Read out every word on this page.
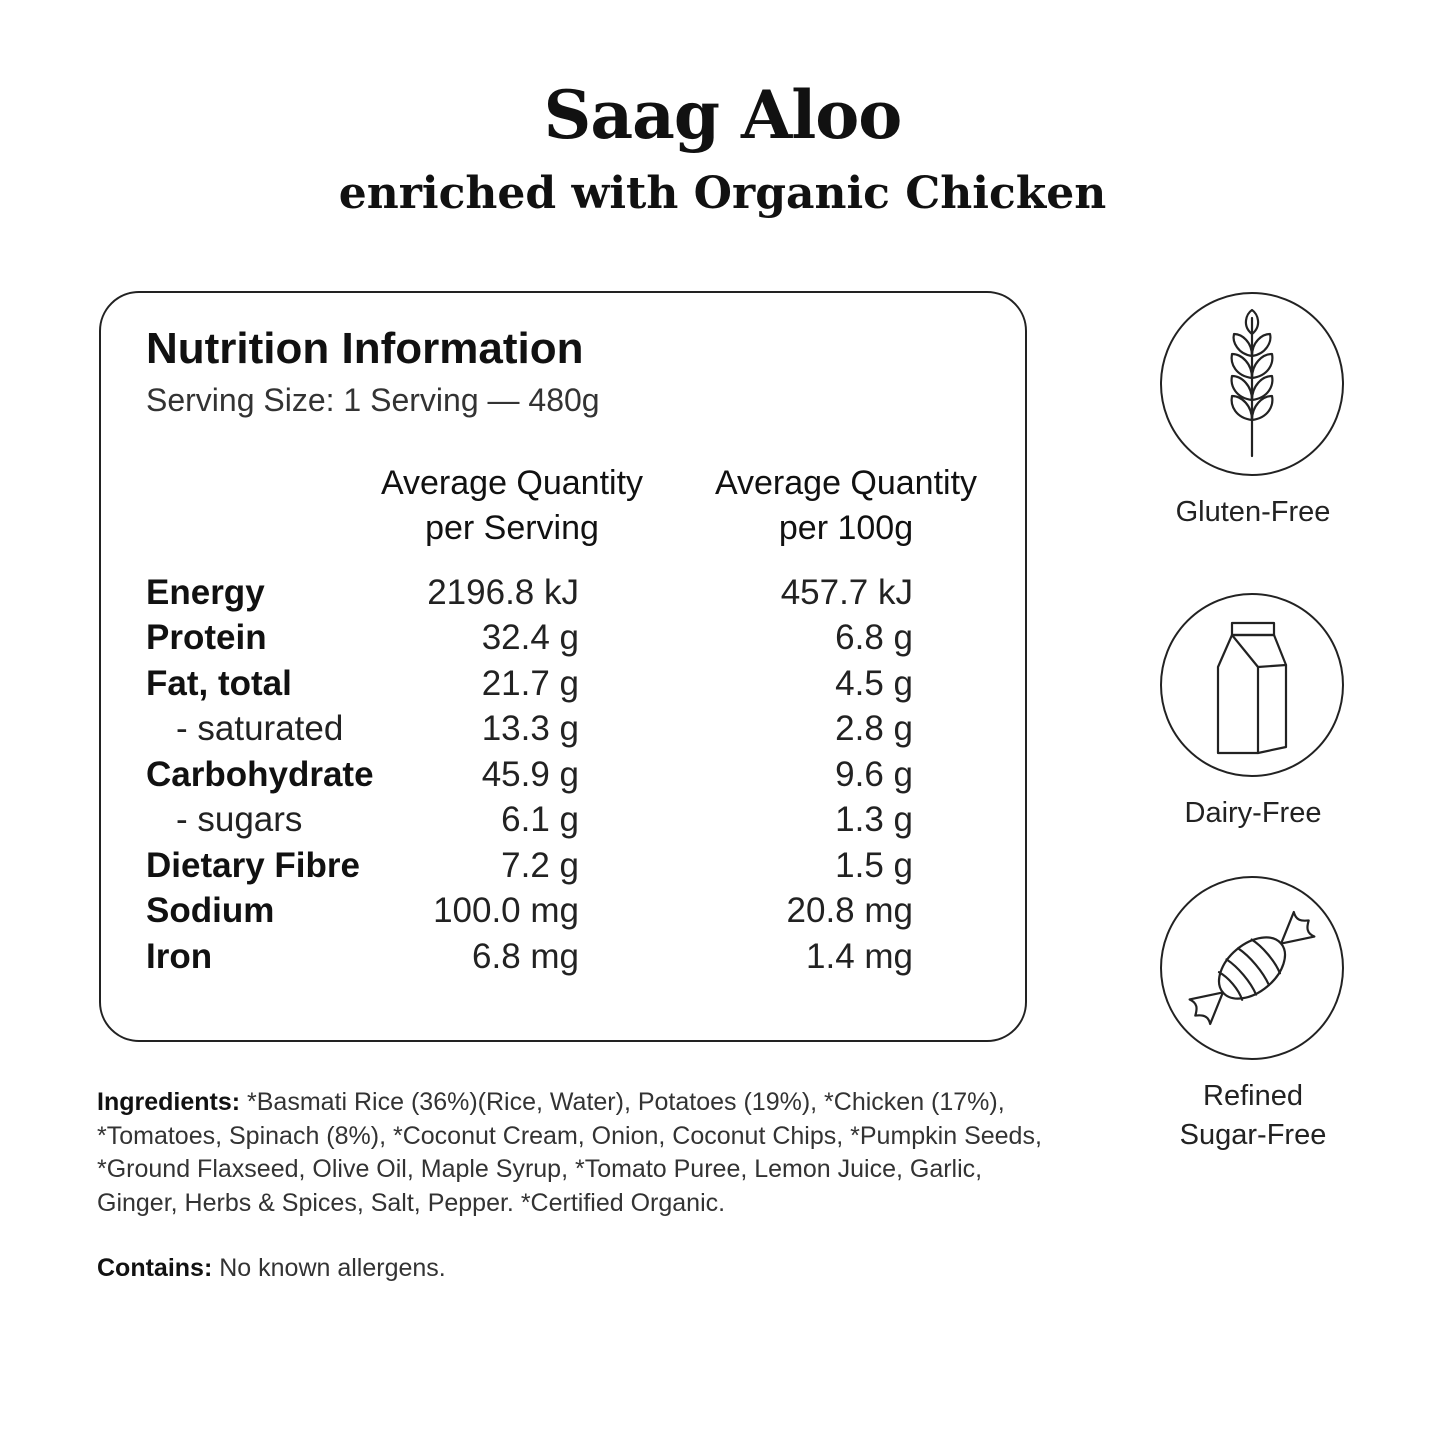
Saag Aloo
enriched with Organic Chicken
Nutrition Information
Serving Size: 1 Serving — 480g
Average Quantity
per Serving
Average Quantity
per 100g
Energy	2196.8 kJ	457.7 kJ
Protein	32.4 g	6.8 g
Fat, total	21.7 g	4.5 g
- saturated	13.3 g	2.8 g
Carbohydrate	45.9 g	9.6 g
- sugars	6.1 g	1.3 g
Dietary Fibre	7.2 g	1.5 g
Sodium	100.0 mg	20.8 mg
Iron	6.8 mg	1.4 mg
Ingredients: *Basmati Rice (36%)(Rice, Water), Potatoes (19%), *Chicken (17%), *Tomatoes, Spinach (8%), *Coconut Cream, Onion, Coconut Chips, *Pumpkin Seeds, *Ground Flaxseed, Olive Oil, Maple Syrup, *Tomato Puree, Lemon Juice, Garlic, Ginger, Herbs & Spices, Salt, Pepper. *Certified Organic.
Contains: No known allergens.
Gluten-Free
Dairy-Free
Refined
Sugar-Free
